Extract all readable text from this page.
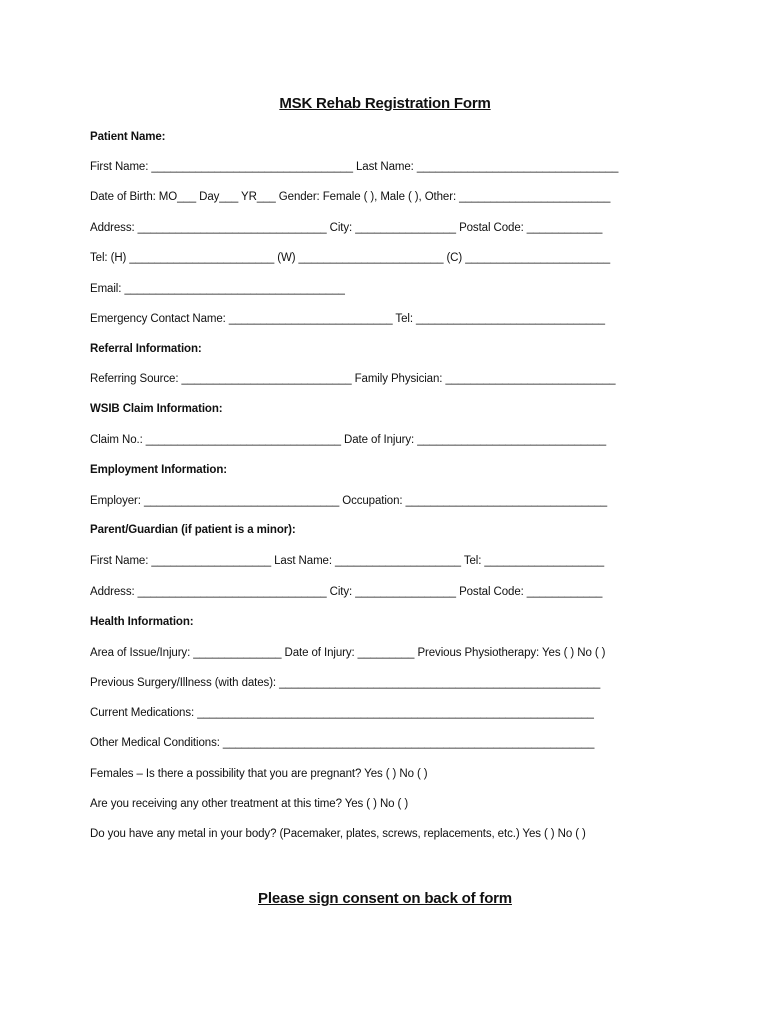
MSK Rehab Registration Form
Patient Name:
First Name: ________________________________ Last Name: ________________________________
Date of Birth: MO___ Day___ YR___ Gender: Female ( ), Male ( ), Other: ________________________
Address: ______________________________ City: ________________ Postal Code: ____________
Tel: (H) _______________________ (W) _______________________ (C) _______________________
Email: ___________________________________
Emergency Contact Name: __________________________ Tel: ______________________________
Referral Information:
Referring Source: ___________________________ Family Physician: ___________________________
WSIB Claim Information:
Claim No.: _______________________________ Date of Injury: ______________________________
Employment Information:
Employer: _______________________________ Occupation: ________________________________
Parent/Guardian (if patient is a minor):
First Name: ___________________ Last Name: ____________________ Tel: ___________________
Address: ______________________________ City: ________________ Postal Code: ____________
Health Information:
Area of Issue/Injury: ______________ Date of Injury: _________ Previous Physiotherapy: Yes ( ) No ( )
Previous Surgery/Illness (with dates): ___________________________________________________
Current Medications: _______________________________________________________________
Other Medical Conditions: ___________________________________________________________
Females – Is there a possibility that you are pregnant? Yes ( ) No ( )
Are you receiving any other treatment at this time? Yes ( ) No ( )
Do you have any metal in your body? (Pacemaker, plates, screws, replacements, etc.) Yes ( ) No ( )
Please sign consent on back of form
